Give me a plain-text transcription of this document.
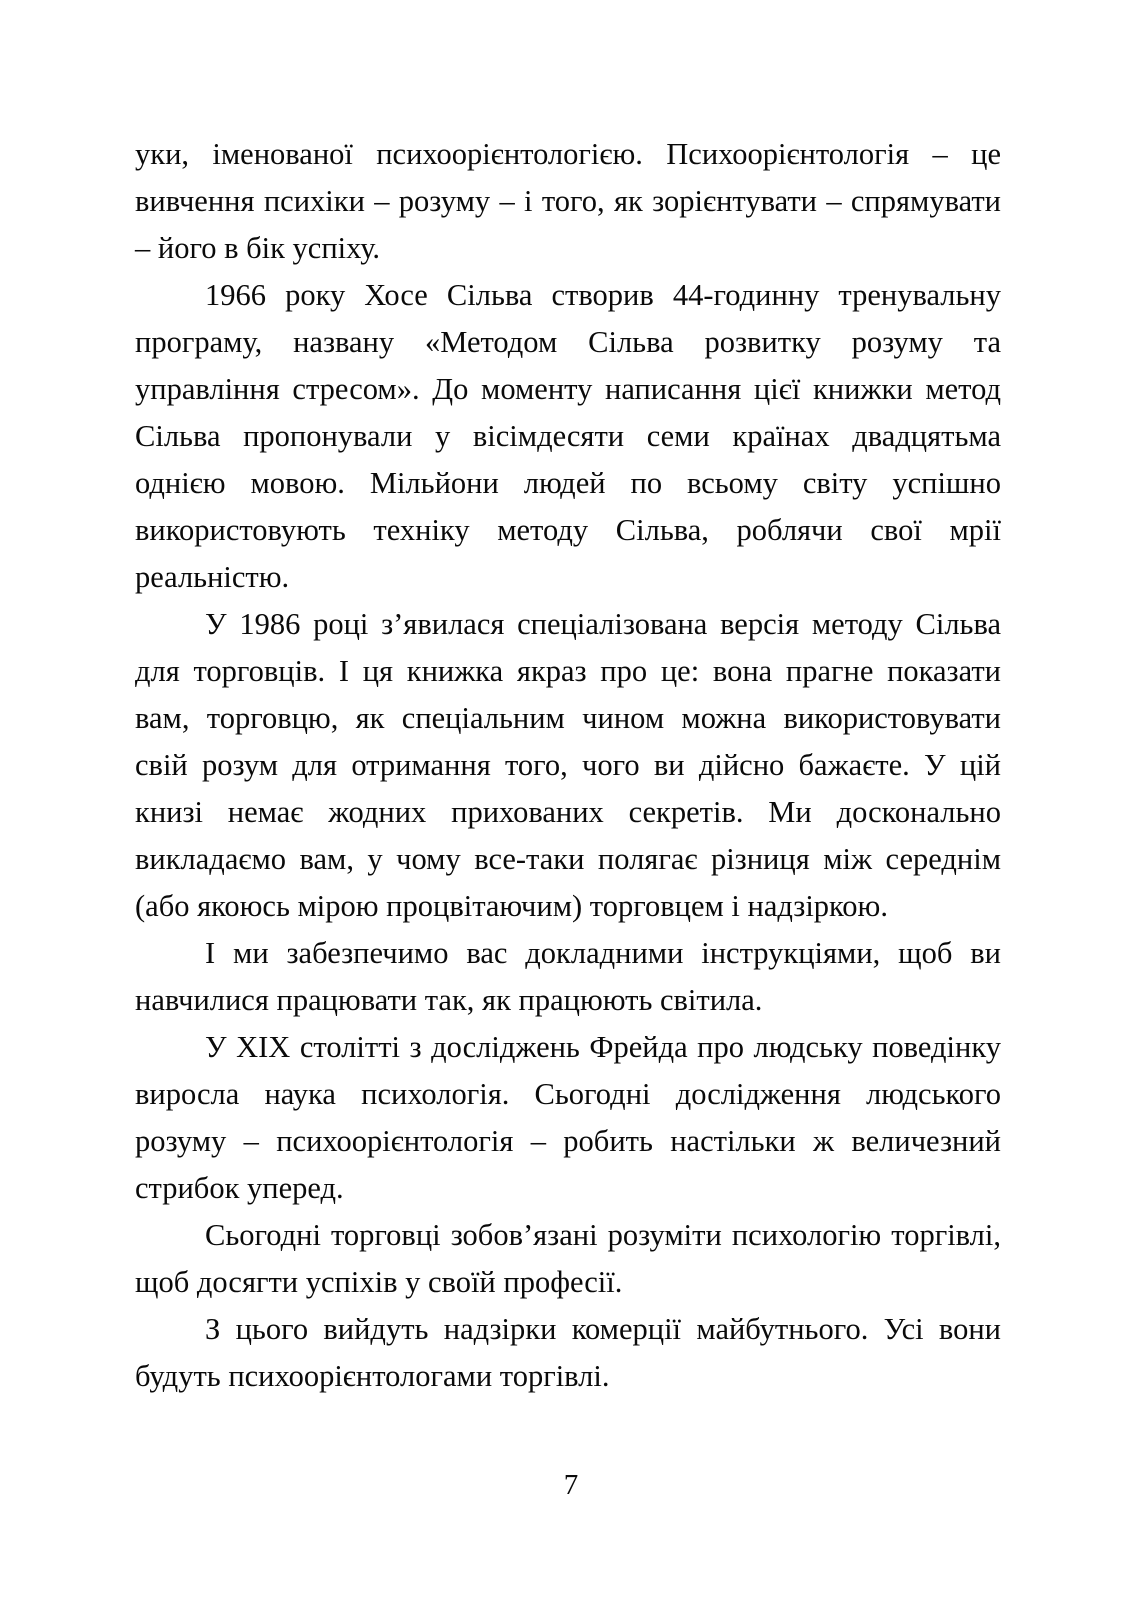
уки, іменованої психоорієнтологією. Психоорієнтологія – це вивчення психіки – розуму – і того, як зорієнтувати – спрямувати – його в бік успіху.

1966 року Хосе Сільва створив 44-годинну тренувальну програму, названу «Методом Сільва розвитку розуму та управління стресом». До моменту написання цієї книжки метод Сільва пропонували у вісімдесяти семи країнах двадцятьма однією мовою. Мільйони людей по всьому світу успішно використовують техніку методу Сільва, роблячи свої мрії реальністю.

У 1986 році з’явилася спеціалізована версія методу Сільва для торговців. І ця книжка якраз про це: вона прагне показати вам, торговцю, як спеціальним чином можна використовувати свій розум для отримання того, чого ви дійсно бажаєте. У цій книзі немає жодних прихованих секретів. Ми досконально викладаємо вам, у чому все-таки полягає різниця між середнім (або якоюсь мірою процвітаючим) торговцем і надзіркою.

І ми забезпечимо вас докладними інструкціями, щоб ви навчилися працювати так, як працюють світила.

У XIX столітті з досліджень Фрейда про людську поведінку виросла наука психологія. Сьогодні дослідження людського розуму – психоорієнтологія – робить настільки ж величезний стрибок уперед.

Сьогодні торговці зобов’язані розуміти психологію торгівлі, щоб досягти успіхів у своїй професії.

З цього вийдуть надзірки комерції майбутнього. Усі вони будуть психоорієнтологами торгівлі.

7
